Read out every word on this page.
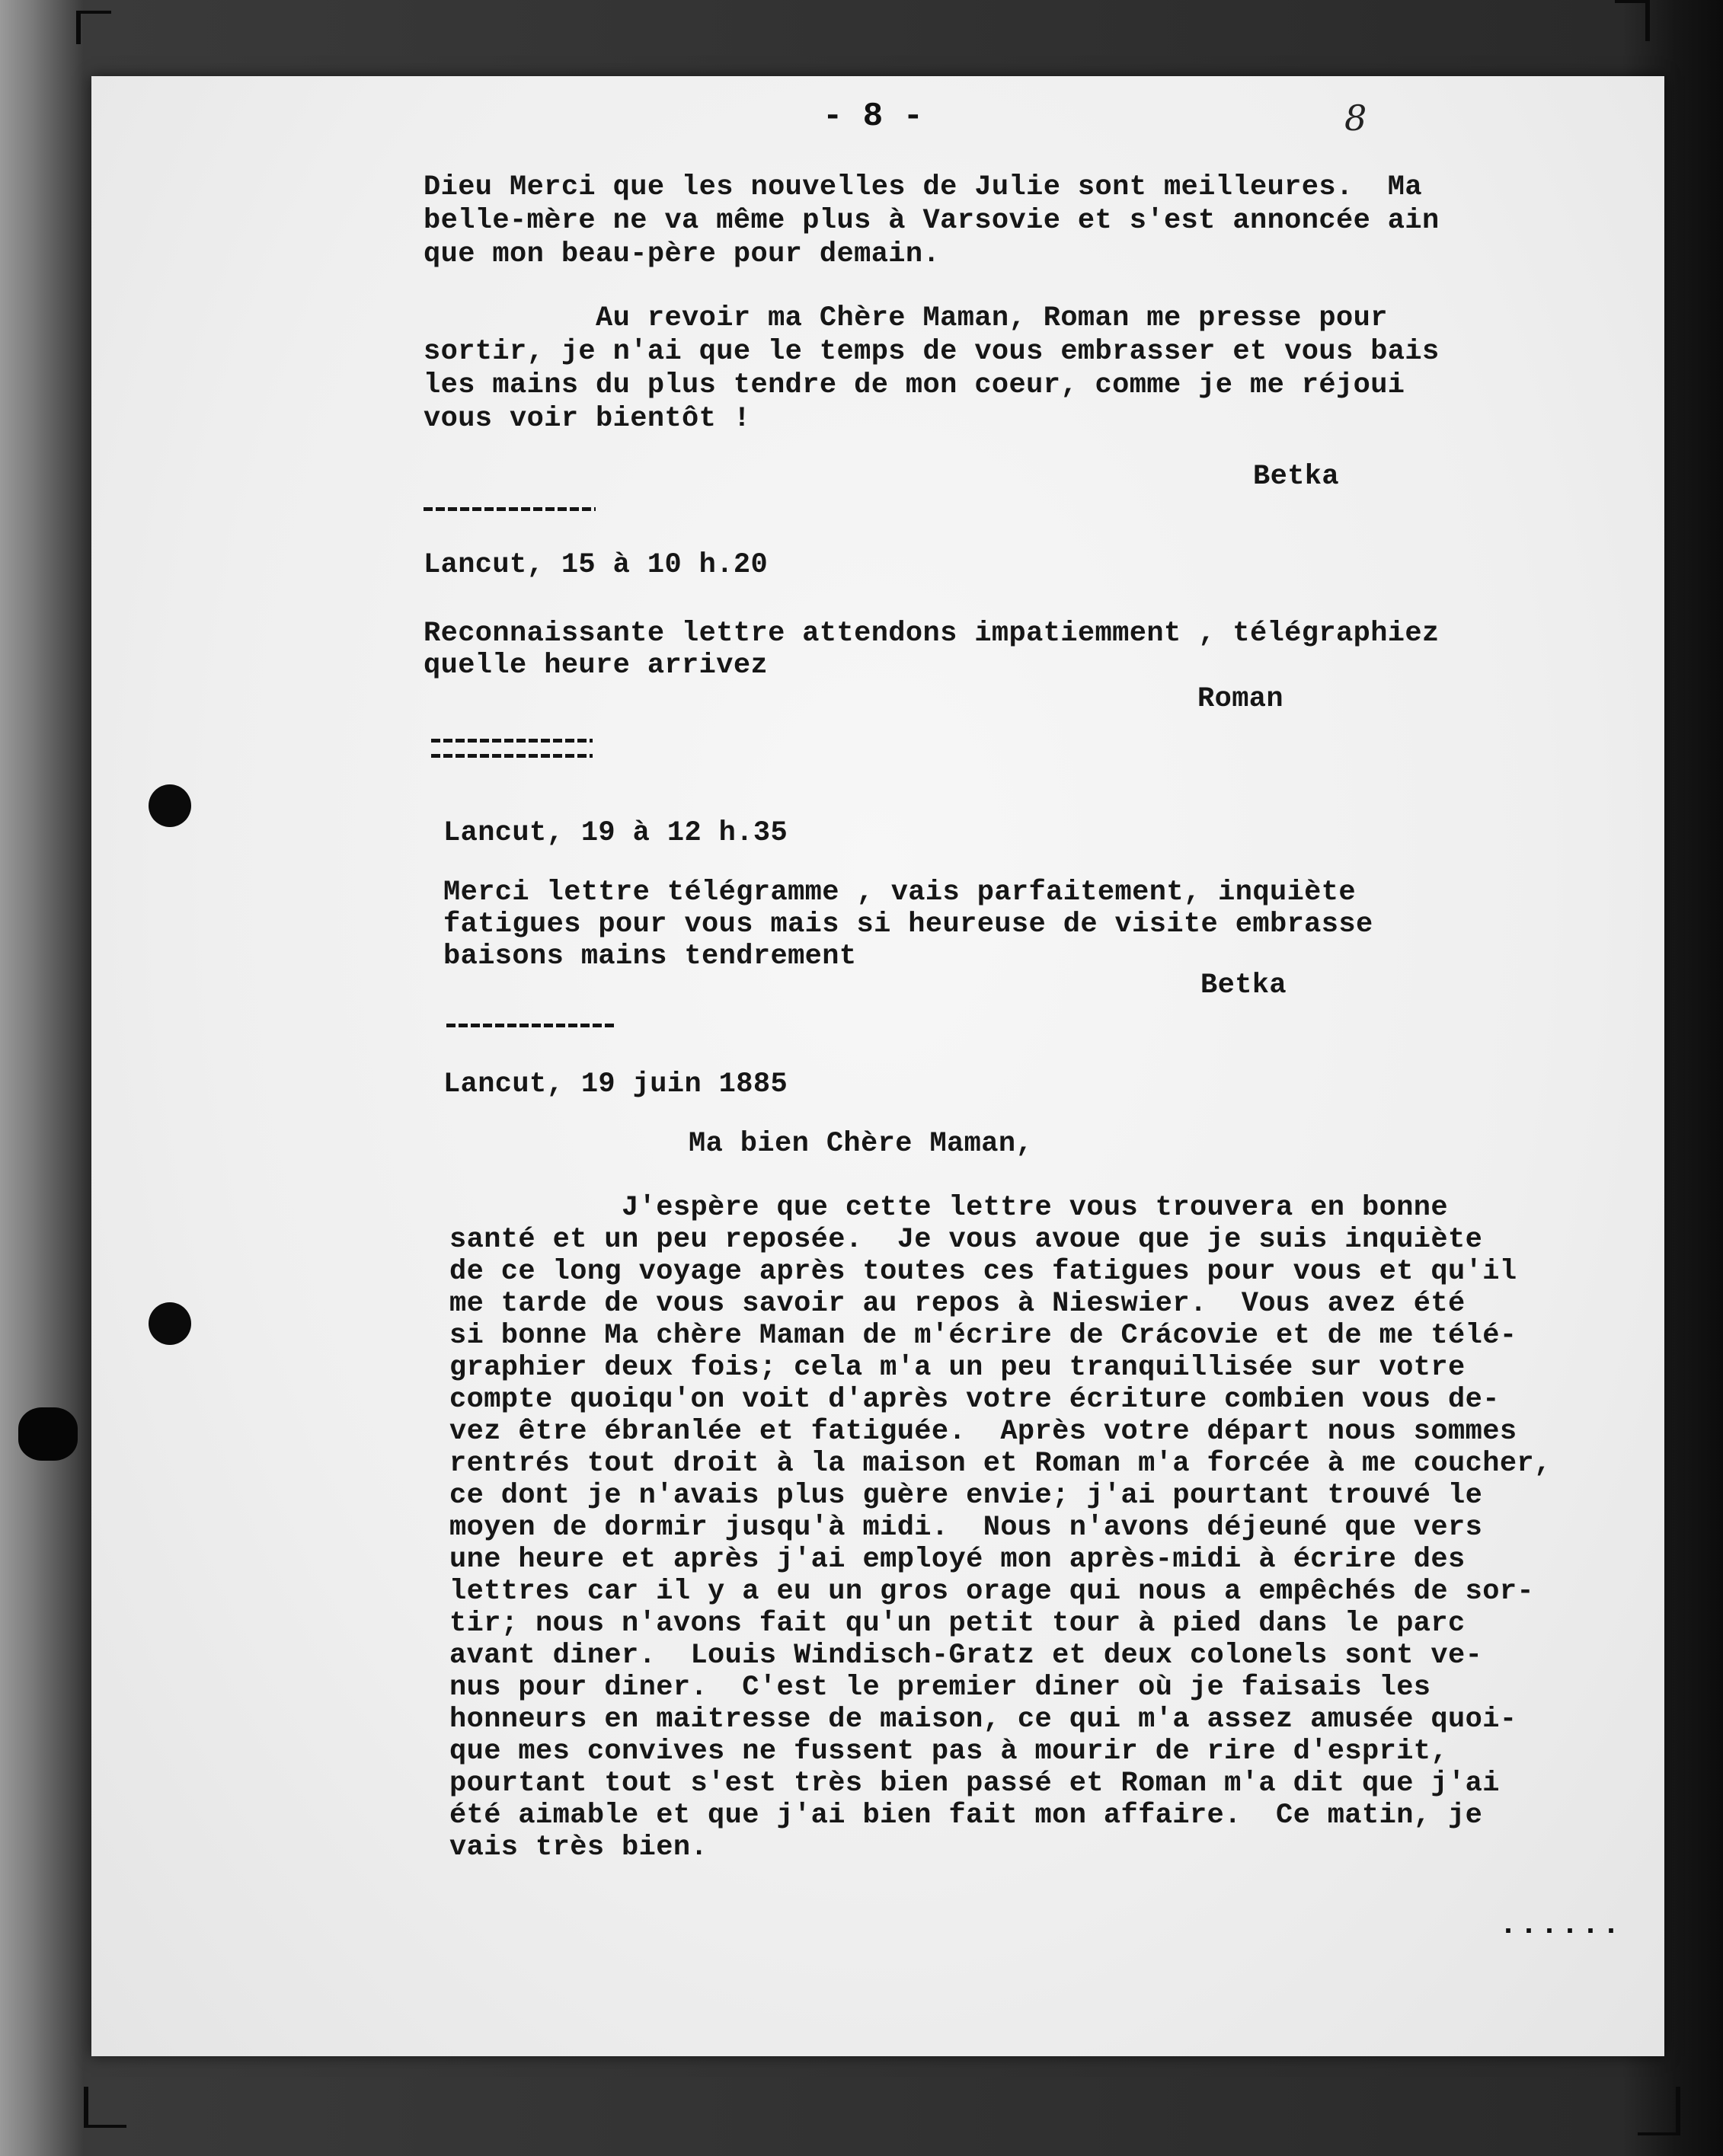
- 8 -	8
Dieu Merci que les nouvelles de Julie sont meilleures.  Ma
belle-mère ne va même plus à Varsovie et s'est annoncée ain
que mon beau-père pour demain.
Au revoir ma Chère Maman, Roman me presse pour
sortir, je n'ai que le temps de vous embrasser et vous bais
les mains du plus tendre de mon coeur, comme je me réjoui
vous voir bientôt !
Betka
Lancut, 15 à 10 h.20
Reconnaissante lettre attendons impatiemment , télégraphiez
quelle heure arrivez
Roman
Lancut, 19 à 12 h.35
Merci lettre télégramme , vais parfaitement, inquiète
fatigues pour vous mais si heureuse de visite embrasse
baisons mains tendrement
Betka
Lancut, 19 juin 1885
Ma bien Chère Maman,
J'espère que cette lettre vous trouvera en bonne
santé et un peu reposée.  Je vous avoue que je suis inquiète
de ce long voyage après toutes ces fatigues pour vous et qu'il
me tarde de vous savoir au repos à Nieswier.  Vous avez été
si bonne Ma chère Maman de m'écrire de Crácovie et de me télé-
graphier deux fois; cela m'a un peu tranquillisée sur votre
compte quoiqu'on voit d'après votre écriture combien vous de-
vez être ébranlée et fatiguée.  Après votre départ nous sommes
rentrés tout droit à la maison et Roman m'a forcée à me coucher,
ce dont je n'avais plus guère envie; j'ai pourtant trouvé le
moyen de dormir jusqu'à midi.  Nous n'avons déjeuné que vers
une heure et après j'ai employé mon après-midi à écrire des
lettres car il y a eu un gros orage qui nous a empêchés de sor-
tir; nous n'avons fait qu'un petit tour à pied dans le parc
avant diner.  Louis Windisch-Gratz et deux colonels sont ve-
nus pour diner.  C'est le premier diner où je faisais les
honneurs en maitresse de maison, ce qui m'a assez amusée quoi-
que mes convives ne fussent pas à mourir de rire d'esprit,
pourtant tout s'est très bien passé et Roman m'a dit que j'ai
été aimable et que j'ai bien fait mon affaire.  Ce matin, je
vais très bien.
......
